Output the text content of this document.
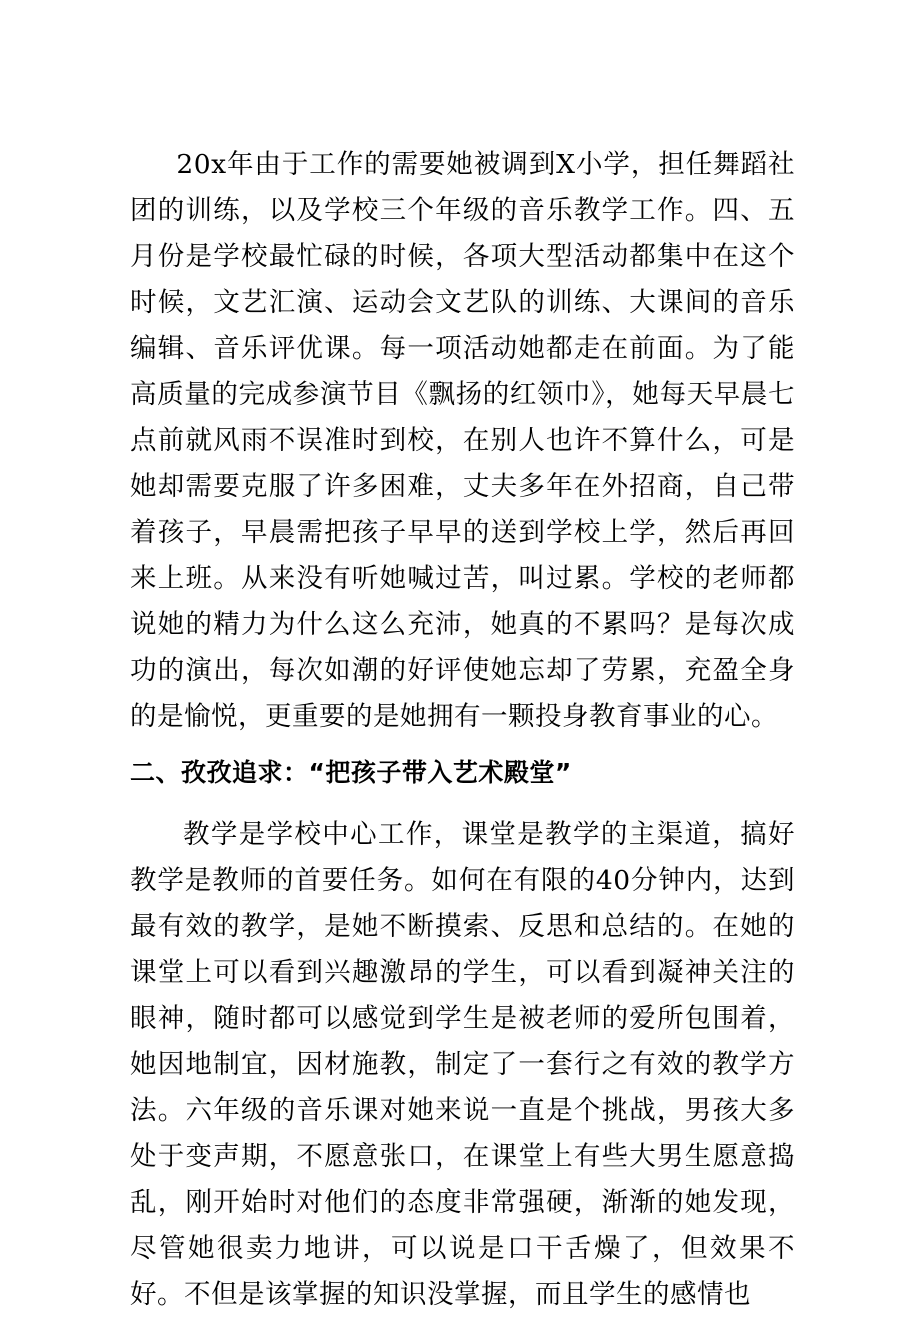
20x年由于工作的需要她被调到X小学，担任舞蹈社团的训练，以及学校三个年级的音乐教学工作。四、五月份是学校最忙碌的时候，各项大型活动都集中在这个时候，文艺汇演、运动会文艺队的训练、大课间的音乐编辑、音乐评优课。每一项活动她都走在前面。为了能高质量的完成参演节目《飘扬的红领巾》，她每天早晨七点前就风雨不误准时到校，在别人也许不算什么，可是她却需要克服了许多困难，丈夫多年在外招商，自己带着孩子，早晨需把孩子早早的送到学校上学，然后再回来上班。从来没有听她喊过苦，叫过累。学校的老师都说她的精力为什么这么充沛，她真的不累吗？是每次成功的演出，每次如潮的好评使她忘却了劳累，充盈全身的是愉悦，更重要的是她拥有一颗投身教育事业的心。

二、孜孜追求：“把孩子带入艺术殿堂”

教学是学校中心工作，课堂是教学的主渠道，搞好教学是教师的首要任务。如何在有限的40分钟内，达到最有效的教学，是她不断摸索、反思和总结的。在她的课堂上可以看到兴趣激昂的学生，可以看到凝神关注的眼神，随时都可以感觉到学生是被老师的爱所包围着，她因地制宜，因材施教，制定了一套行之有效的教学方法。六年级的音乐课对她来说一直是个挑战，男孩大多处于变声期，不愿意张口，在课堂上有些大男生愿意捣乱，刚开始时对他们的态度非常强硬，渐渐的她发现，尽管她很卖力地讲，可以说是口干舌燥了，但效果不好。不但是该掌握的知识没掌握，而且学生的感情也
